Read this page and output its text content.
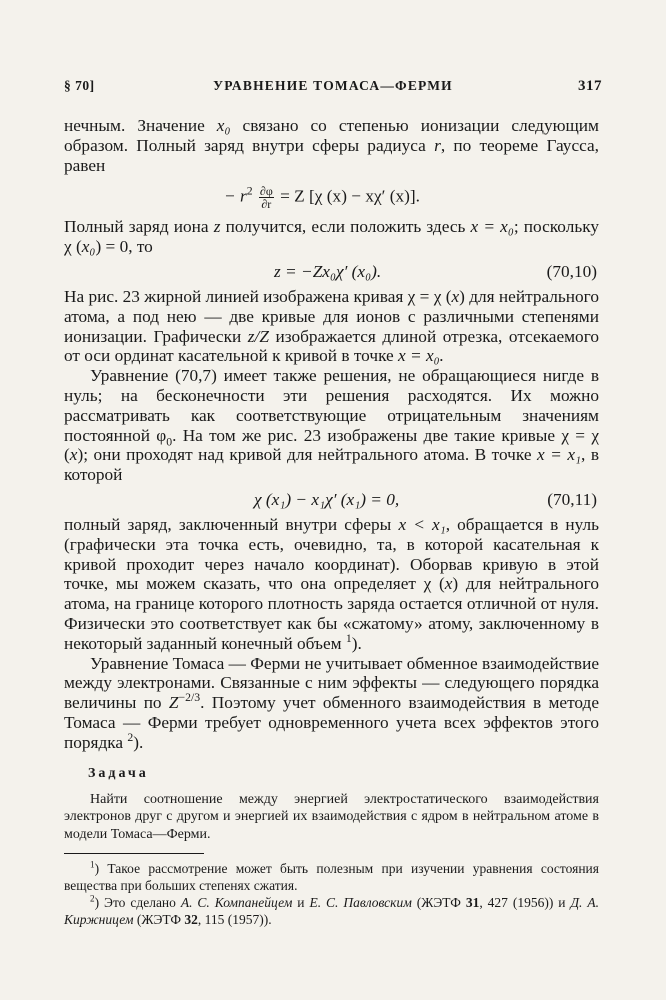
§ 70]	УРАВНЕНИЕ ТОМАСА—ФЕРМИ	317

нечным. Значение x₀ связано со степенью ионизации следующим образом. Полный заряд внутри сферы радиуса r, по теореме Гаусса, равен

− $r^2 \frac{\partial\varphi}{\partial r} = Z$ [χ (x) − xχ′ (x)].

Полный заряд иона z получится, если положить здесь x = x₀; поскольку χ (x₀) = 0, то

z = −Zx₀χ′ (x₀).	(70,10)

На рис. 23 жирной линией изображена кривая χ = χ (x) для нейтрального атома, а под нею — две кривые для ионов с различными степенями ионизации. Графически z/Z изображается длиной отрезка, отсекаемого от оси ординат касательной к кривой в точке x = x₀.

Уравнение (70,7) имеет также решения, не обращающиеся нигде в нуль; на бесконечности эти решения расходятся. Их можно рассматривать как соответствующие отрицательным значениям постоянной $\varphi_0$. На том же рис. 23 изображены две такие кривые χ = χ (x); они проходят над кривой для нейтрального атома. В точке x = x₁, в которой

χ (x₁) − x₁χ′ (x₁) = 0,	(70,11)

полный заряд, заключенный внутри сферы x < x₁, обращается в нуль (графически эта точка есть, очевидно, та, в которой касательная к кривой проходит через начало координат). Оборвав кривую в этой точке, мы можем сказать, что она определяет χ (x) для нейтрального атома, на границе которого плотность заряда остается отличной от нуля. Физически это соответствует как бы «сжатому» атому, заключенному в некоторый заданный конечный объем $^1$).

Уравнение Томаса — Ферми не учитывает обменное взаимодействие между электронами. Связанные с ним эффекты — следующего порядка величины по $Z^{-2/3}$. Поэтому учет обменного взаимодействия в методе Томаса — Ферми требует одновременного учета всех эффектов этого порядка $^2$).

Задача

Найти соотношение между энергией электростатического взаимодействия электронов друг с другом и энергией их взаимодействия с ядром в нейтральном атоме в модели Томаса—Ферми.

$^1$) Такое рассмотрение может быть полезным при изучении уравнения состояния вещества при больших степенях сжатия.

$^2$) Это сделано А. С. Компанейцем и Е. С. Павловским (ЖЭТФ 31, 427 (1956)) и Д. А. Киржницем (ЖЭТФ 32, 115 (1957)).
